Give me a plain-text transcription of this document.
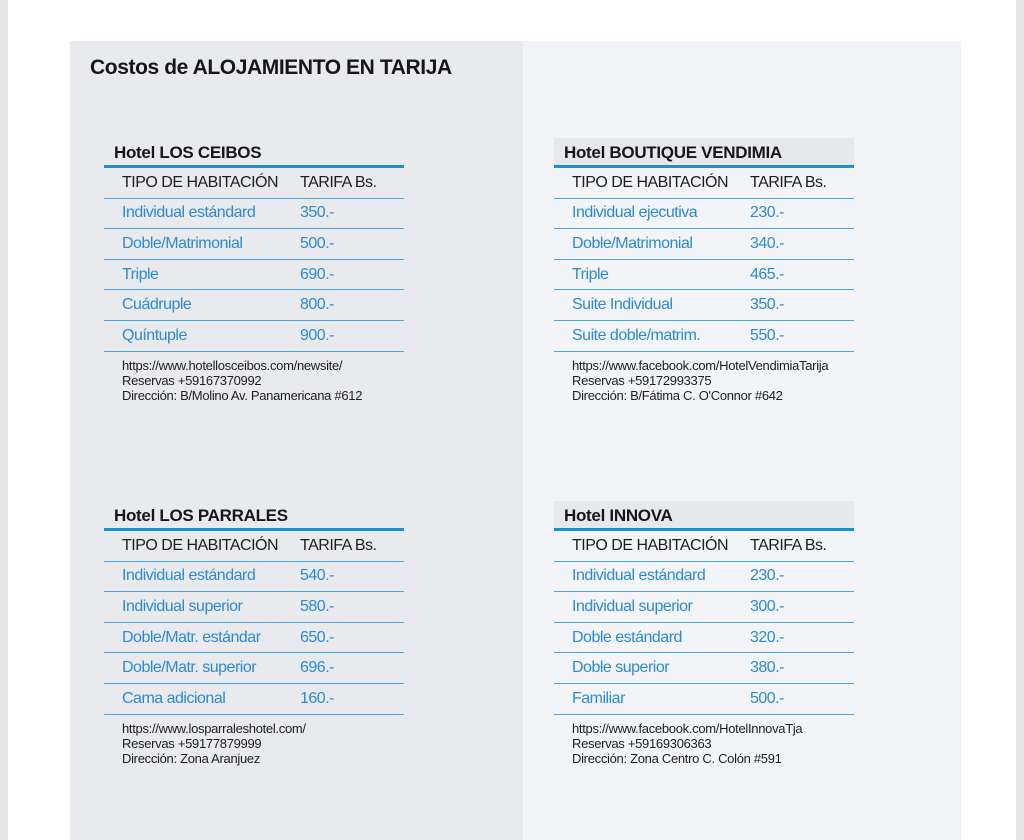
Costos de ALOJAMIENTO EN TARIJA
Hotel LOS CEIBOS
TIPO DE HABITACIÓN	TARIFA Bs.
Individual estándard	350.-
Doble/Matrimonial	500.-
Triple	690.-
Cuádruple	800.-
Quíntuple	900.-
https://www.hotellosceibos.com/newsite/
Reservas +59167370992
Dirección: B/Molino Av. Panamericana #612
Hotel BOUTIQUE VENDIMIA
TIPO DE HABITACIÓN	TARIFA Bs.
Individual ejecutiva	230.-
Doble/Matrimonial	340.-
Triple	465.-
Suite Individual	350.-
Suite doble/matrim.	550.-
https://www.facebook.com/HotelVendimiaTarija
Reservas +59172993375
Dirección: B/Fátima C. O'Connor #642
Hotel LOS PARRALES
TIPO DE HABITACIÓN	TARIFA Bs.
Individual estándard	540.-
Individual superior	580.-
Doble/Matr. estándar	650.-
Doble/Matr. superior	696.-
Cama adicional	160.-
https://www.losparraleshotel.com/
Reservas +59177879999
Dirección: Zona Aranjuez
Hotel INNOVA
TIPO DE HABITACIÓN	TARIFA Bs.
Individual estándard	230.-
Individual superior	300.-
Doble estándard	320.-
Doble superior	380.-
Familiar	500.-
https://www.facebook.com/HotelInnovaTja
Reservas +59169306363
Dirección: Zona Centro C. Colón #591
